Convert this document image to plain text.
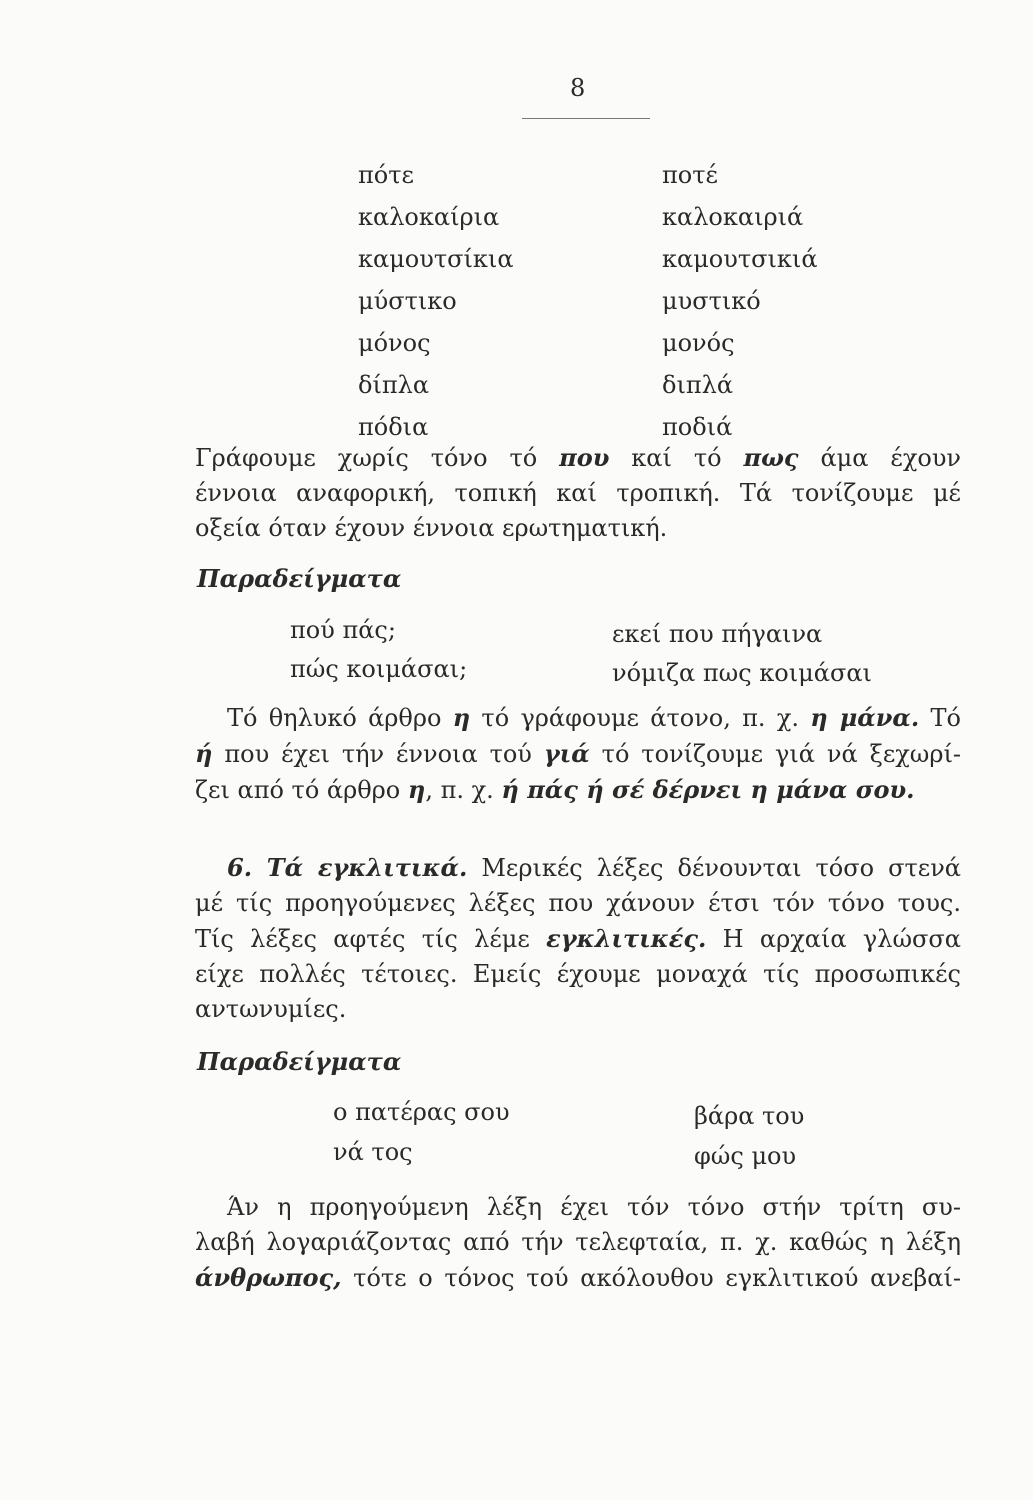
8
πότε
καλοκαίρια
καμουτσίκια
μύστικο
μόνος
δίπλα
πόδια
ποτέ
καλοκαιριά
καμουτσικιά
μυστικό
μονός
διπλά
ποδιά
Γράφουμε χωρίς τόνο τό που καί τό πως άμα έχουν
έννοια αναφορική, τοπική καί τροπική. Τά τονίζουμε μέ
οξεία όταν έχουν έννοια ερωτηματική.
Παραδείγματα
πού πάς;
πώς κοιμάσαι;
εκεί που πήγαινα
νόμιζα πως κοιμάσαι
Τό θηλυκό άρθρο η τό γράφουμε άτονο, π. χ. η μάνα. Τό
ή που έχει τήν έννοια τού γιά τό τονίζουμε γιά νά ξεχωρί-
ζει από τό άρθρο η, π. χ. ή πάς ή σέ δέρνει η μάνα σου.
6. Τά εγκλιτικά. Μερικές λέξες δένουνται τόσο στενά
μέ τίς προηγούμενες λέξες που χάνουν έτσι τόν τόνο τους.
Τίς λέξες αφτές τίς λέμε εγκλιτικές. Η αρχαία γλώσσα
είχε πολλές τέτοιες. Εμείς έχουμε μοναχά τίς προσωπικές
αντωνυμίες.
Παραδείγματα
ο πατέρας σου
νά τος
βάρα του
φώς μου
Άν η προηγούμενη λέξη έχει τόν τόνο στήν τρίτη συ-
λαβή λογαριάζοντας από τήν τελεφταία, π. χ. καθώς η λέξη
άνθρωπος, τότε ο τόνος τού ακόλουθου εγκλιτικού ανεβαί-
